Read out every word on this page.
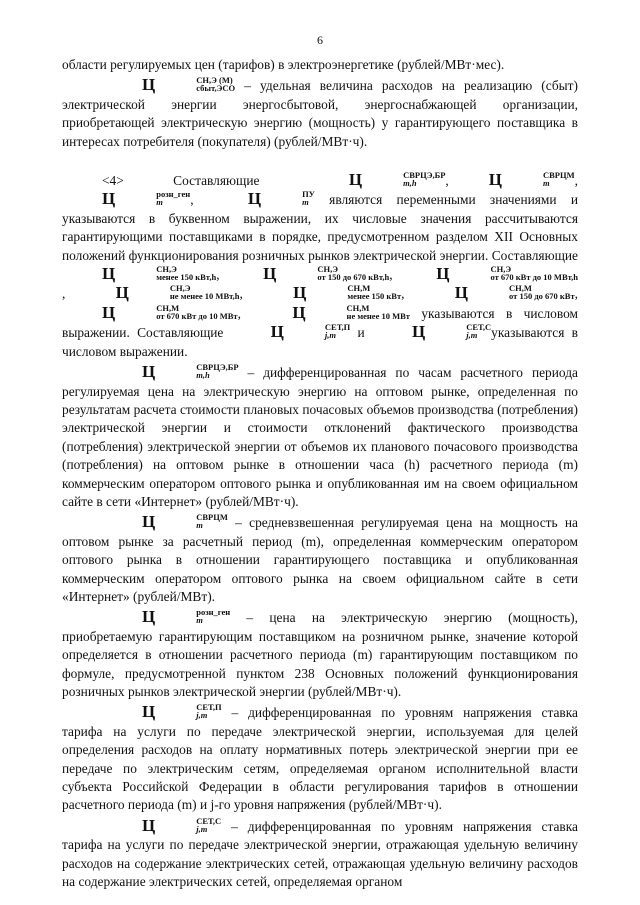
6

области регулируемых цен (тарифов) в электроэнергетике (рублей/МВт·мес).

Ц	СН,Э (М)
сбыт,ЭСО – удельная величина расходов на реализацию (сбыт) электрической энергии энергосбытовой, энергоснабжающей организации, приобретающей электрическую энергию (мощность) у гарантирующего поставщика в интересах потребителя (покупателя) (рублей/МВт·ч).

<4> Составляющие Ц	СВРЦЭ,БР
m,h	, Ц	СВРЦМ
m	, Ц	розн_ген
m	,	Ц	ПУ
m являются переменными значениями и указываются в буквенном выражении, их числовые значения рассчитываются гарантирующими поставщиками в порядке, предусмотренном разделом XII Основных положений функционирования розничных рынков электрической энергии. Составляющие Ц	СН,Э
менее 150 кВт,h ,	Ц	СН,Э
от 150 до 670 кВт,h ,	Ц	СН,Э
от 670 кВт до 10 МВт,h
,	Ц	СН,Э
не менее 10 МВт,h ,	Ц	СН,М
менее 150 кВт ,	Ц	СН,М
от 150 до 670 кВт , Ц	СН,М
от 670 кВт до 10 МВт ,	Ц	СН,М
не менее 10 МВт указываются в числовом выражении. Составляющие Ц	СЕТ,П
j,m	и Ц	СЕТ,С
j,m	указываются в числовом выражении.

Ц	СВРЦЭ,БР
m,h	– дифференцированная по часам расчетного периода регулируемая цена на электрическую энергию на оптовом рынке, определенная по результатам расчета стоимости плановых почасовых объемов производства (потребления) электрической энергии и стоимости отклонений фактического производства (потребления) электрической энергии от объемов их планового почасового производства (потребления) на оптовом рынке в отношении часа (h) расчетного периода (m) коммерческим оператором оптового рынка и опубликованная им на своем официальном сайте в сети «Интернет» (рублей/МВт·ч).

Ц	СВРЦМ
m	– средневзвешенная регулируемая цена на мощность на оптовом рынке за расчетный период (m), определенная коммерческим оператором оптового рынка в отношении гарантирующего поставщика и опубликованная коммерческим оператором оптового рынка на своем официальном сайте в сети «Интернет» (рублей/МВт).

Ц	розн_ген
m	– цена на электрическую энергию (мощность), приобретаемую гарантирующим поставщиком на розничном рынке, значение которой определяется в отношении расчетного периода (m) гарантирующим поставщиком по формуле, предусмотренной пунктом 238 Основных положений функционирования розничных рынков электрической энергии (рублей/МВт·ч).

Ц	СЕТ,П
j,m	– дифференцированная по уровням напряжения ставка тарифа на услуги по передаче электрической энергии, используемая для целей определения расходов на оплату нормативных потерь электрической энергии при ее передаче по электрическим сетям, определяемая органом исполнительной власти субъекта Российской Федерации в области регулирования тарифов в отношении расчетного периода (m) и j-го уровня напряжения (рублей/МВт·ч).

Ц	СЕТ,С
j,m	– дифференцированная по уровням напряжения ставка тарифа на услуги по передаче электрической энергии, отражающая удельную величину расходов на содержание электрических сетей, отражающая удельную величину расходов на содержание электрических сетей, определяемая органом
